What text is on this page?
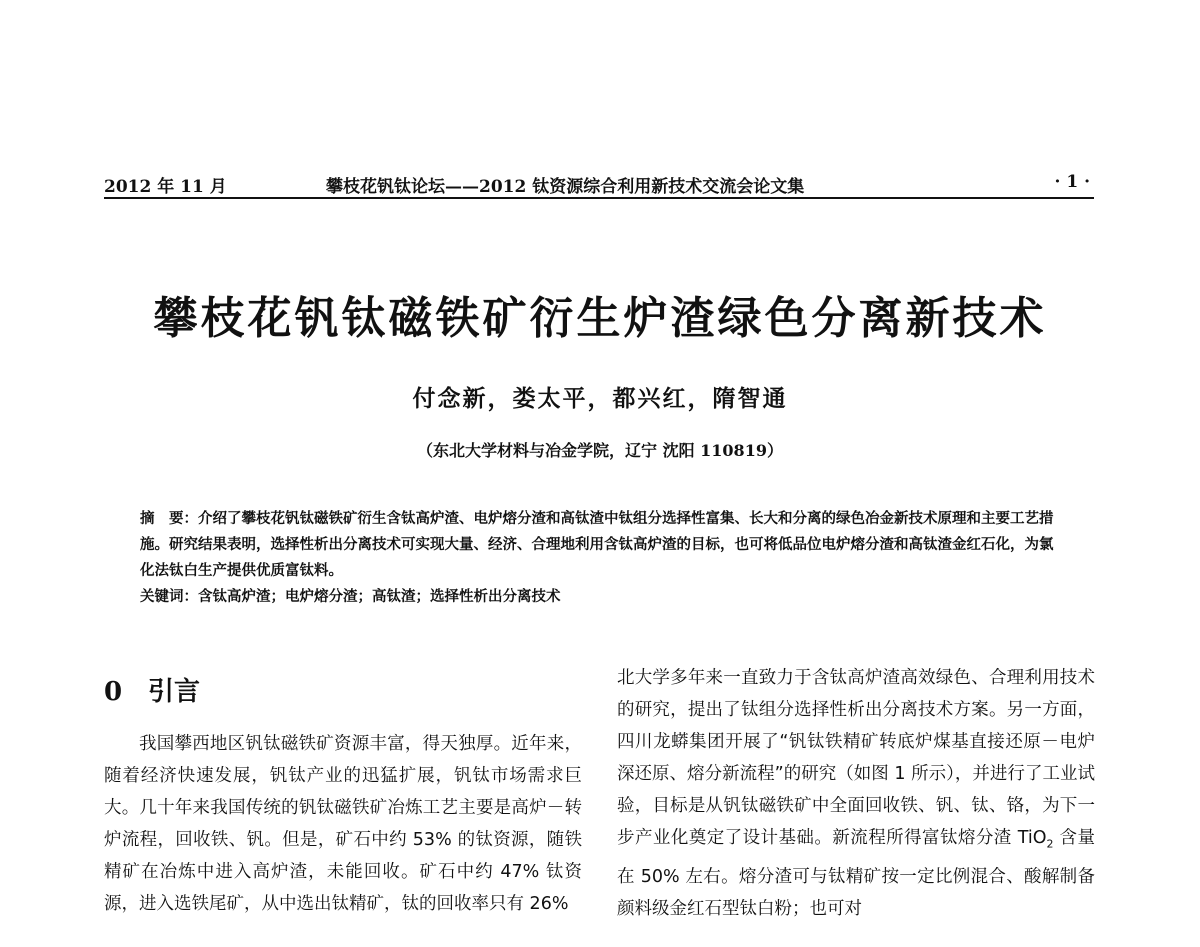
2012 年 11 月	攀枝花钒钛论坛——2012 钛资源综合利用新技术交流会论文集	· 1 ·
攀枝花钒钛磁铁矿衍生炉渣绿色分离新技术
付念新，娄太平，都兴红，隋智通
（东北大学材料与冶金学院，辽宁 沈阳 110819）

摘　要：介绍了攀枝花钒钛磁铁矿衍生含钛高炉渣、电炉熔分渣和高钛渣中钛组分选择性富集、长大和分离的绿色冶金新技术原理和主要工艺措施。研究结果表明，选择性析出分离技术可实现大量、经济、合理地利用含钛高炉渣的目标，也可将低品位电炉熔分渣和高钛渣金红石化，为氯化法钛白生产提供优质富钛料。

关键词：含钛高炉渣；电炉熔分渣；高钛渣；选择性析出分离技术

0 引言

我国攀西地区钒钛磁铁矿资源丰富，得天独厚。近年来，随着经济快速发展，钒钛产业的迅猛扩展，钒钛市场需求巨大。几十年来我国传统的钒钛磁铁矿冶炼工艺主要是高炉－转炉流程，回收铁、钒。但是，矿石中约 53% 的钛资源，随铁精矿在冶炼中进入高炉渣，未能回收。矿石中约 47% 钛资源，进入选铁尾矿，从中选出钛精矿，钛的回收率只有 26%

北大学多年来一直致力于含钛高炉渣高效绿色、合理利用技术的研究，提出了钛组分选择性析出分离技术方案。另一方面，四川龙蟒集团开展了“钒钛铁精矿转底炉煤基直接还原－电炉深还原、熔分新流程”的研究（如图 1 所示），并进行了工业试验，目标是从钒钛磁铁矿中全面回收铁、钒、钛、铬，为下一步产业化奠定了设计基础。新流程所得富钛熔分渣 TiO$_2$ 含量在 50% 左右。熔分渣可与钛精矿按一定比例混合、酸解制备颜料级金红石型钛白粉；也可对
